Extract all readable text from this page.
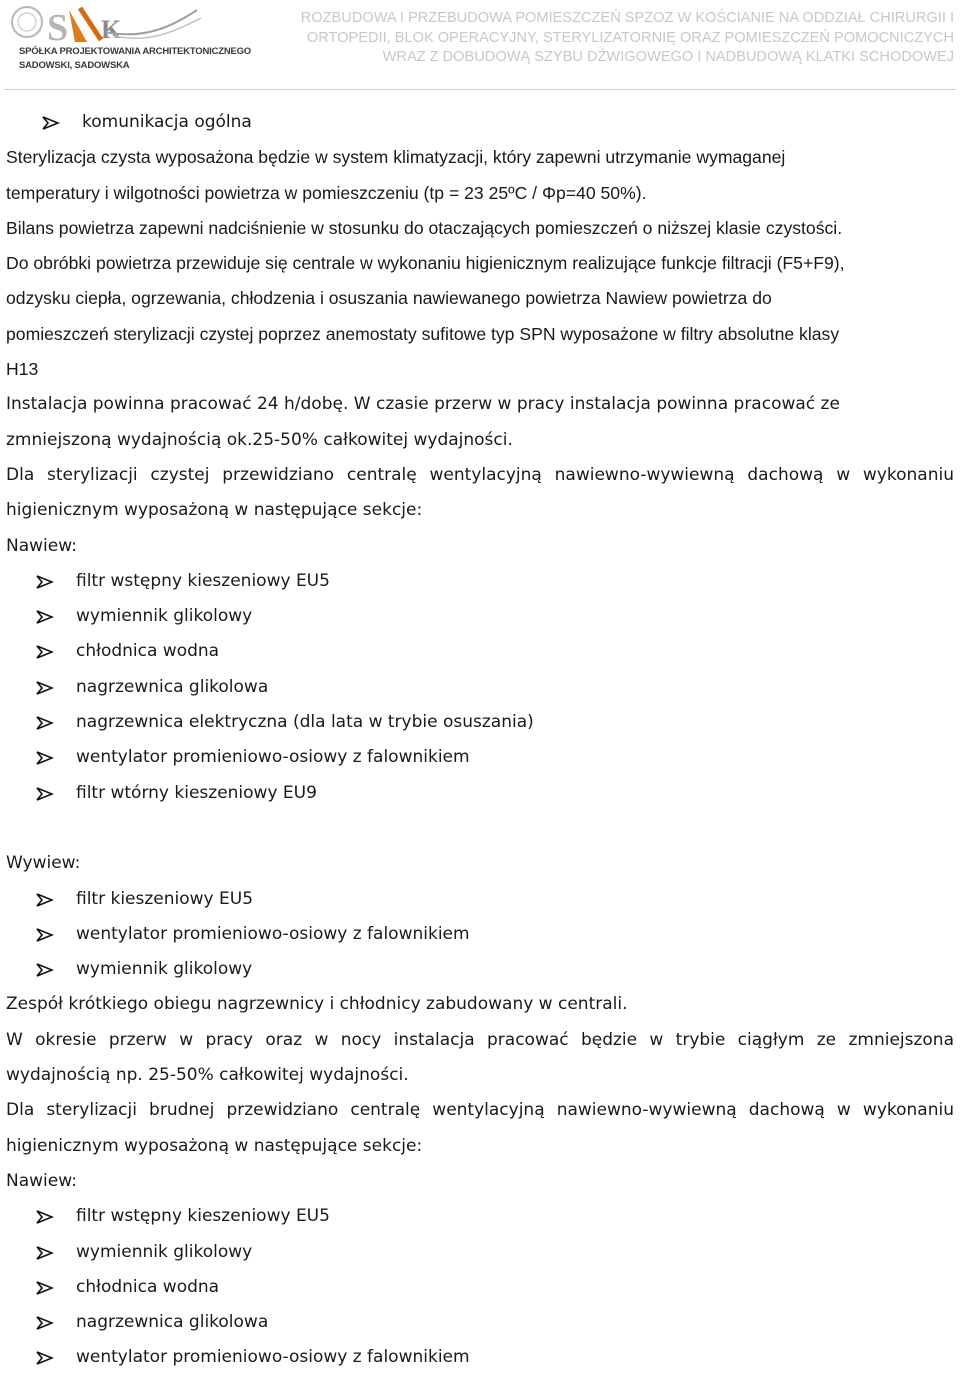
S K
SPÓŁKA PROJEKTOWANIA ARCHITEKTONICZNEGO
SADOWSKI, SADOWSKA
ROZBUDOWA I PRZEBUDOWA POMIESZCZEŃ SPZOZ W KOŚCIANIE NA ODDZIAŁ CHIRURGII I ORTOPEDII, BLOK OPERACYJNY, STERYLIZATORNIĘ ORAZ POMIESZCZEŃ POMOCNICZYCH WRAZ Z DOBUDOWĄ SZYBU DŹWIGOWEGO I NADBUDOWĄ KLATKI SCHODOWEJ
komunikacja ogólna
Sterylizacja czysta wyposażona będzie w system klimatyzacji, który zapewni utrzymanie wymaganej
temperatury i wilgotności powietrza w pomieszczeniu (tp = 23 25ºC / Φp=40 50%).
Bilans powietrza zapewni nadciśnienie w stosunku do otaczających pomieszczeń o niższej klasie czystości.
Do obróbki powietrza przewiduje się centrale w wykonaniu higienicznym realizujące funkcje filtracji (F5+F9),
odzysku ciepła, ogrzewania, chłodzenia i osuszania nawiewanego powietrza Nawiew powietrza do
pomieszczeń sterylizacji czystej poprzez anemostaty sufitowe typ SPN wyposażone w filtry absolutne klasy
H13
Instalacja powinna pracować 24 h/dobę. W czasie przerw w pracy instalacja powinna pracować ze
zmniejszoną wydajnością ok.25-50% całkowitej wydajności.
Dla sterylizacji czystej przewidziano centralę wentylacyjną nawiewno-wywiewną dachową w wykonaniu
higienicznym wyposażoną w następujące sekcje:
Nawiew:
filtr wstępny kieszeniowy EU5
wymiennik glikolowy
chłodnica wodna
nagrzewnica glikolowa
nagrzewnica elektryczna (dla lata w trybie osuszania)
wentylator promieniowo-osiowy z falownikiem
filtr wtórny kieszeniowy EU9
Wywiew:
filtr kieszeniowy EU5
wentylator promieniowo-osiowy z falownikiem
wymiennik glikolowy
Zespół krótkiego obiegu nagrzewnicy i chłodnicy zabudowany w centrali.
W okresie przerw w pracy oraz w nocy instalacja pracować będzie w trybie ciągłym ze zmniejszona
wydajnością np. 25-50% całkowitej wydajności.
Dla sterylizacji brudnej przewidziano centralę wentylacyjną nawiewno-wywiewną dachową w wykonaniu
higienicznym wyposażoną w następujące sekcje:
Nawiew:
filtr wstępny kieszeniowy EU5
wymiennik glikolowy
chłodnica wodna
nagrzewnica glikolowa
wentylator promieniowo-osiowy z falownikiem
